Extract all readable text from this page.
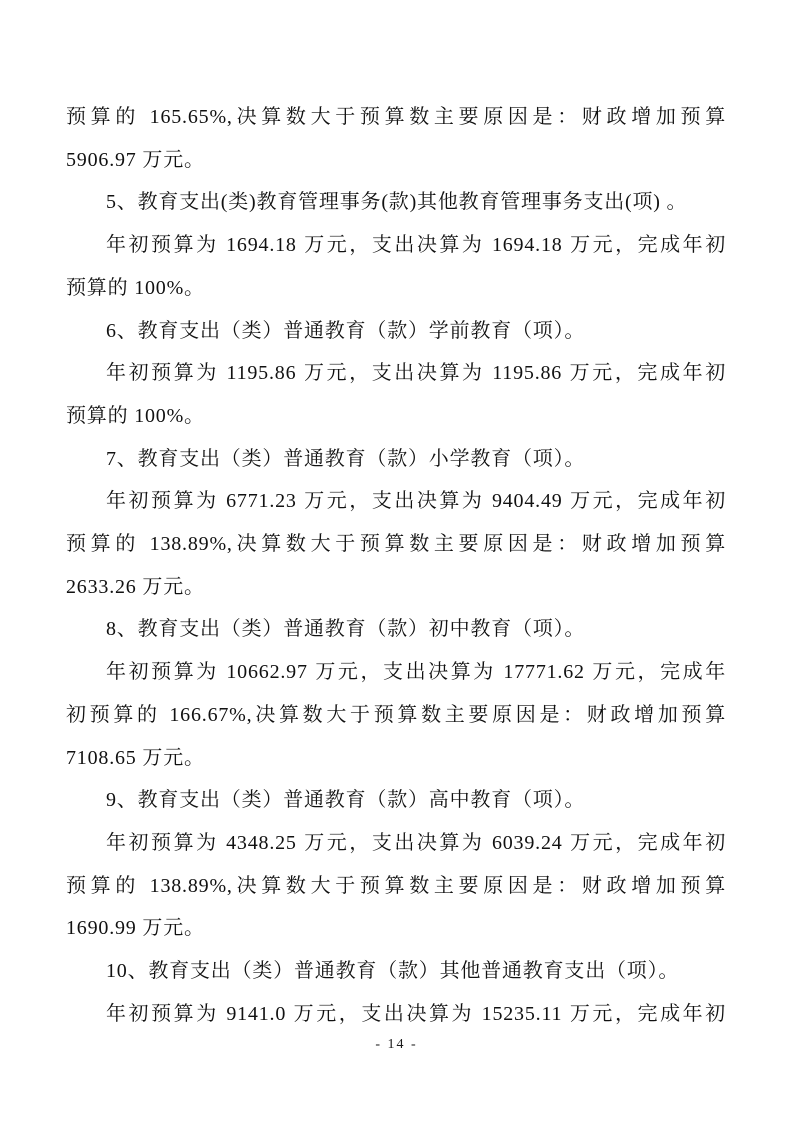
预算的 165.65%,决算数大于预算数主要原因是：财政增加预算
5906.97 万元。
5、教育支出(类)教育管理事务(款)其他教育管理事务支出(项) 。
年初预算为 1694.18 万元，支出决算为 1694.18 万元，完成年初
预算的 100%。
6、教育支出（类）普通教育（款）学前教育（项）。
年初预算为 1195.86 万元，支出决算为 1195.86 万元，完成年初
预算的 100%。
7、教育支出（类）普通教育（款）小学教育（项）。
年初预算为 6771.23 万元，支出决算为 9404.49 万元，完成年初
预算的 138.89%,决算数大于预算数主要原因是：财政增加预算
2633.26 万元。
8、教育支出（类）普通教育（款）初中教育（项）。
年初预算为 10662.97 万元，支出决算为 17771.62 万元，完成年
初预算的 166.67%,决算数大于预算数主要原因是：财政增加预算
7108.65 万元。
9、教育支出（类）普通教育（款）高中教育（项）。
年初预算为 4348.25 万元，支出决算为 6039.24 万元，完成年初
预算的 138.89%,决算数大于预算数主要原因是：财政增加预算
1690.99 万元。
10、教育支出（类）普通教育（款）其他普通教育支出（项）。
年初预算为 9141.0 万元，支出决算为 15235.11 万元，完成年初
- 14 -
